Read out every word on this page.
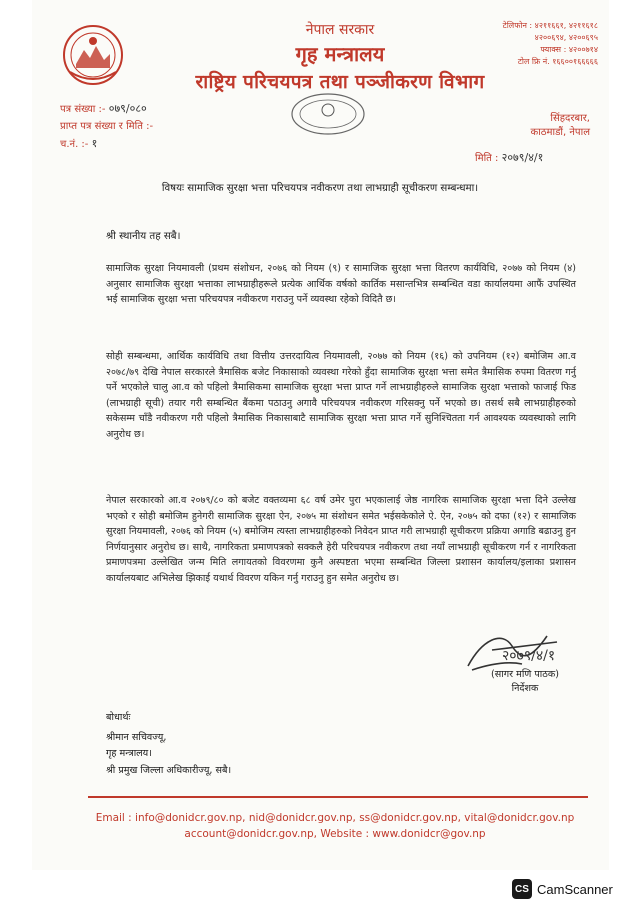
नेपाल सरकार
गृह मन्त्रालय
राष्ट्रिय परिचयपत्र तथा पञ्जीकरण विभाग
टेलिफोन : ४२११६६१, ४२११६१८
४२००६९४, ४२००६९५
फ्याक्स : ४२००७१४
टोल फ्रि नं. १६६००१६६६६६
पत्र संख्या :- ०७९/०८०
प्राप्त पत्र संख्या र मिति :-
च.नं. :- १
सिंहदरबार,
काठमाडौं, नेपाल
मिति : २०७९/४/१
विषयः सामाजिक सुरक्षा भत्ता परिचयपत्र नवीकरण तथा लाभग्राही सूचीकरण सम्बन्धमा।
श्री स्थानीय तह सबै।
सामाजिक सुरक्षा नियमावली (प्रथम संशोधन, २०७६ को नियम (९) र सामाजिक सुरक्षा भत्ता वितरण कार्यविधि, २०७७ को नियम (४) अनुसार सामाजिक सुरक्षा भत्ताका लाभग्राहीहरूले प्रत्येक आर्थिक वर्षको कार्तिक मसान्तभित्र सम्बन्धित वडा कार्यालयमा आफैं उपस्थित भई सामाजिक सुरक्षा भत्ता परिचयपत्र नवीकरण गराउनु पर्ने व्यवस्था रहेको विदितै छ।
सोही सम्बन्धमा, आर्थिक कार्यविधि तथा वित्तीय उत्तरदायित्व नियमावली, २०७७ को नियम (१६) को उपनियम (१२) बमोजिम आ.व २०७८/७९ देखि नेपाल सरकारले त्रैमासिक बजेट निकासाको व्यवस्था गरेको हुँदा सामाजिक सुरक्षा भत्ता समेत त्रैमासिक रुपमा वितरण गर्नु पर्ने भएकोले चालु आ.व को पहिलो त्रैमासिकमा सामाजिक सुरक्षा भत्ता प्राप्त गर्ने लाभग्राहीहरुले सामाजिक सुरक्षा भत्ताको फाजाई फिड (लाभग्राही सूची) तयार गरी सम्बन्धित बैंकमा पठाउनु अगावै परिचयपत्र नवीकरण गरिसक्नु पर्ने भएको छ। तसर्थ सबै लाभग्राहीहरुको सकेसम्म चाँडै नवीकरण गरी पहिलो त्रैमासिक निकासाबाटै सामाजिक सुरक्षा भत्ता प्राप्त गर्ने सुनिश्चितता गर्न आवश्यक व्यवस्थाको लागि अनुरोध छ।
नेपाल सरकारको आ.व २०७९/८० को बजेट वक्तव्यमा ६८ वर्ष उमेर पुरा भएकालाई जेष्ठ नागरिक सामाजिक सुरक्षा भत्ता दिने उल्लेख भएको र सोही बमोजिम हुनेगरी सामाजिक सुरक्षा ऐन, २०७५ मा संशोधन समेत भईसकेकोले ऐ. ऐन, २०७५ को दफा (१२) र सामाजिक सुरक्षा नियमावली, २०७६ को नियम (५) बमोजिम त्यस्ता लाभग्राहीहरुको निवेदन प्राप्त गरी लाभग्राही सूचीकरण प्रक्रिया अगाडि बढाउनु हुन निर्णयानुसार अनुरोध छ। साथै, नागरिकता प्रमाणपत्रको सक्कलै हेरी परिचयपत्र नवीकरण तथा नयाँ लाभग्राही सूचीकरण गर्न र नागरिकता प्रमाणपत्रमा उल्लेखित जन्म मिति लगायतको विवरणमा कुनै अस्पष्टता भएमा सम्बन्धित जिल्ला प्रशासन कार्यालय/इलाका प्रशासन कार्यालयबाट अभिलेख झिकाई यथार्थ विवरण यकिन गर्नु गराउनु हुन समेत अनुरोध छ।
२०७९/४/१
(सागर मणि पाठक)
निर्देशक
बोधार्थः
श्रीमान सचिवज्यू,
गृह मन्त्रालय।
श्री प्रमुख जिल्ला अधिकारीज्यू, सबै।
Email : info@donidcr.gov.np, nid@donidcr.gov.np, ss@donidcr.gov.np, vital@donidcr.gov.np
account@donidcr.gov.np, Website : www.donidcr@gov.np
CS CamScanner
